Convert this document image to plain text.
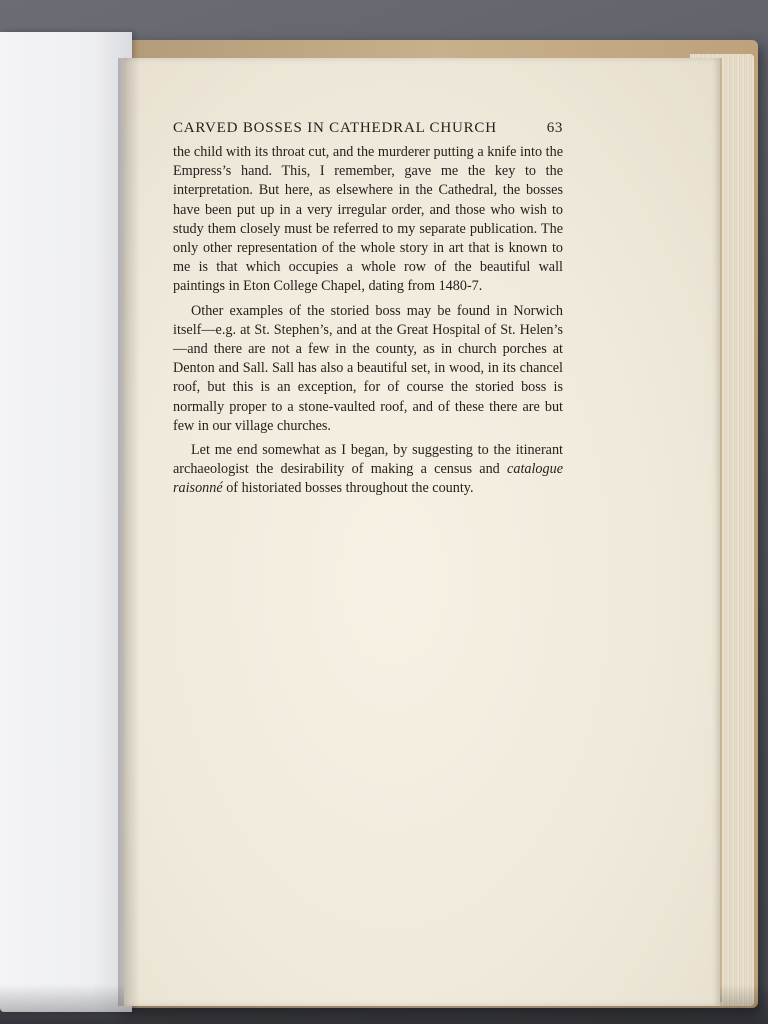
CARVED BOSSES IN CATHEDRAL CHURCH	63

the child with its throat cut, and the murderer putting a knife into the Empress’s hand. This, I remember, gave me the key to the interpretation. But here, as elsewhere in the Cathedral, the bosses have been put up in a very irregular order, and those who wish to study them closely must be referred to my separate publication. The only other representation of the whole story in art that is known to me is that which occupies a whole row of the beautiful wall paintings in Eton College Chapel, dating from 1480-7.

Other examples of the storied boss may be found in Norwich itself—e.g. at St. Stephen’s, and at the Great Hospital of St. Helen’s—and there are not a few in the county, as in church porches at Denton and Sall. Sall has also a beautiful set, in wood, in its chancel roof, but this is an exception, for of course the storied boss is normally proper to a stone-vaulted roof, and of these there are but few in our village churches.

Let me end somewhat as I began, by suggesting to the itinerant archaeologist the desirability of making a census and catalogue raisonné of historiated bosses throughout the county.
